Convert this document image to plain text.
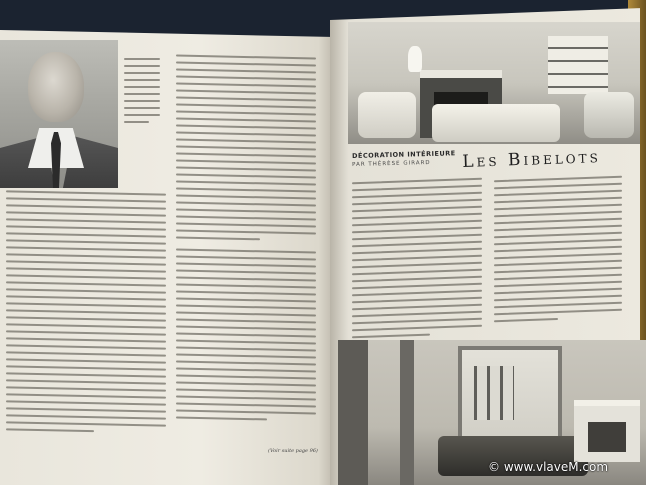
(Voir suite page 96)
DÉCORATION INTÉRIEURE
PAR THÉRÈSE GIRARD Les Bibelots
© www.vlaveM.com
